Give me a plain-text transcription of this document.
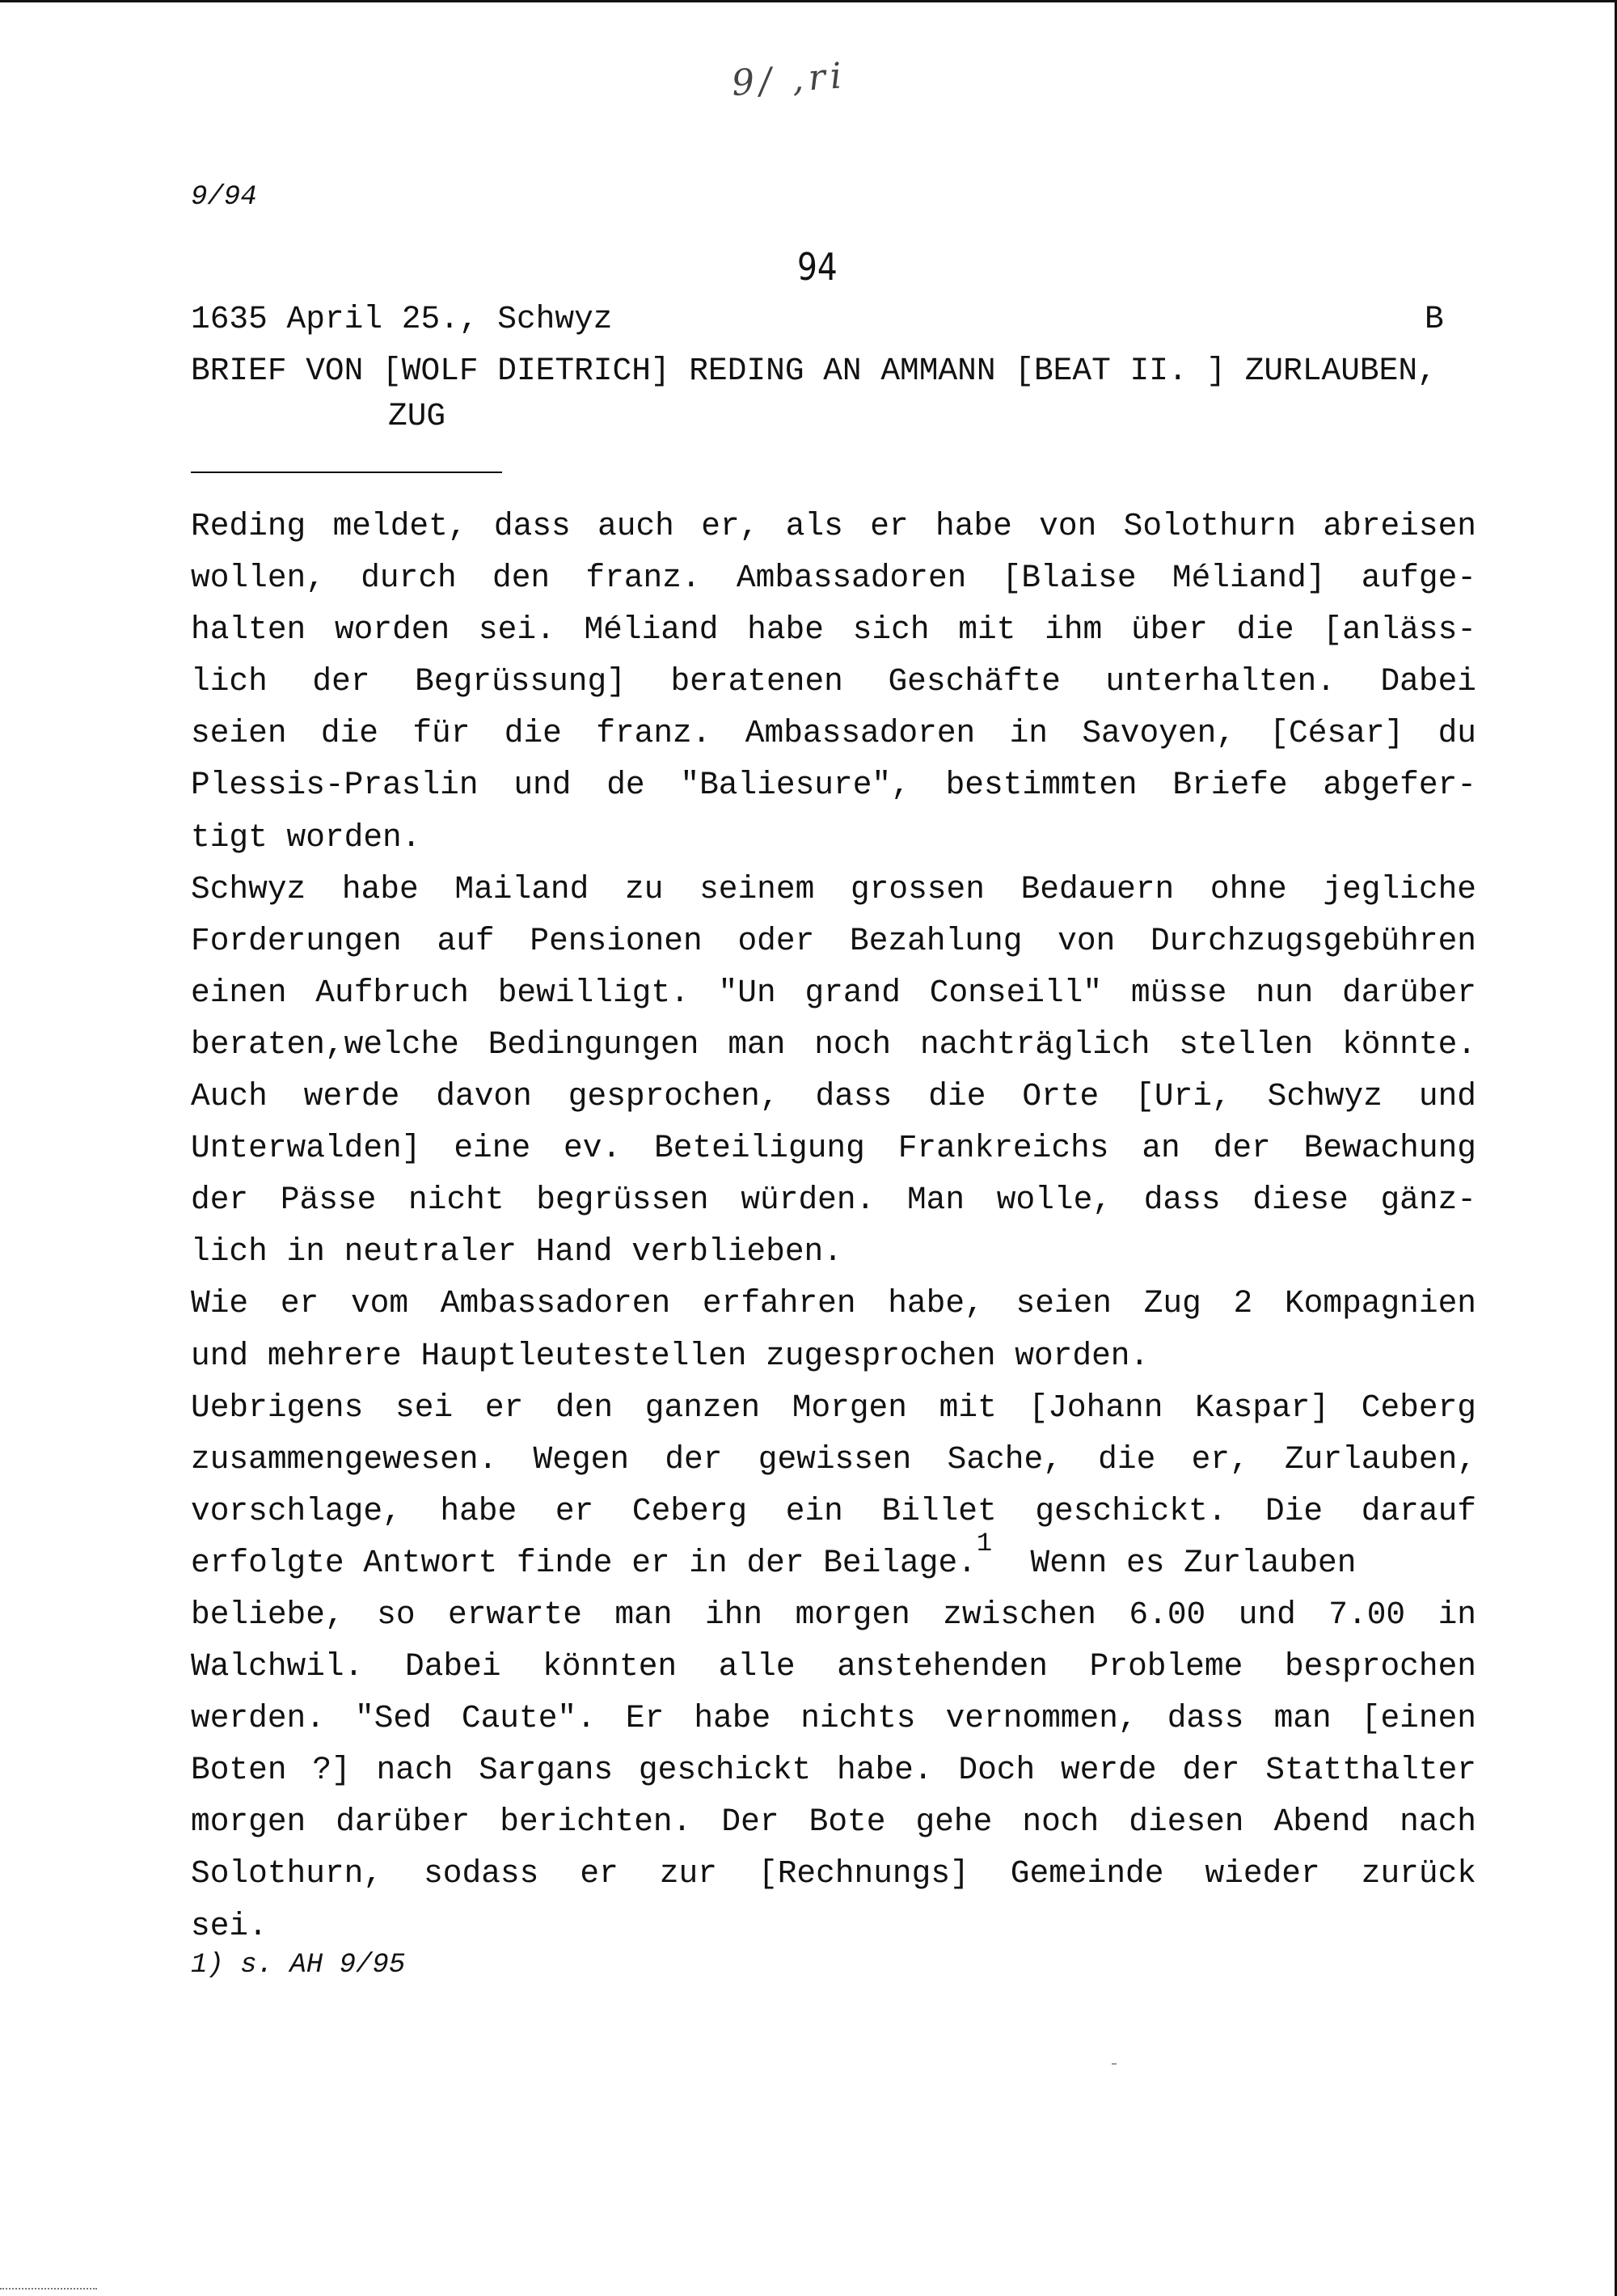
9/ ,ri
9/94
94
1635 April 25., Schwyz	B
BRIEF VON [WOLF DIETRICH] REDING AN AMMANN [BEAT II. ] ZURLAUBEN,
ZUG
Reding meldet, dass auch er, als er habe von Solothurn abreisen
wollen, durch den franz. Ambassadoren [Blaise Méliand] aufge-
halten worden sei. Méliand habe sich mit ihm über die [anläss-
lich der Begrüssung] beratenen Geschäfte unterhalten. Dabei
seien die für die franz. Ambassadoren in Savoyen, [César] du
Plessis-Praslin und de "Baliesure", bestimmten Briefe abgefer-
tigt worden.
Schwyz habe Mailand zu seinem grossen Bedauern ohne jegliche
Forderungen auf Pensionen oder Bezahlung von Durchzugsgebühren
einen Aufbruch bewilligt. "Un grand Conseill" müsse nun darüber
beraten,welche Bedingungen man noch nachträglich stellen könnte.
Auch werde davon gesprochen, dass die Orte [Uri, Schwyz und
Unterwalden] eine ev. Beteiligung Frankreichs an der Bewachung
der Pässe nicht begrüssen würden. Man wolle, dass diese gänz-
lich in neutraler Hand verblieben.
Wie er vom Ambassadoren erfahren habe, seien Zug 2 Kompagnien
und mehrere Hauptleutestellen zugesprochen worden.
Uebrigens sei er den ganzen Morgen mit [Johann Kaspar] Ceberg
zusammengewesen. Wegen der gewissen Sache, die er, Zurlauben,
vorschlage, habe er Ceberg ein Billet geschickt. Die darauf
erfolgte Antwort finde er in der Beilage.$^1$  Wenn es Zurlauben
beliebe, so erwarte man ihn morgen zwischen 6.00 und 7.00 in
Walchwil. Dabei könnten alle anstehenden Probleme besprochen
werden. "Sed Caute". Er habe nichts vernommen, dass man [einen
Boten ?] nach Sargans geschickt habe. Doch werde der Statthalter
morgen darüber berichten. Der Bote gehe noch diesen Abend nach
Solothurn, sodass er zur [Rechnungs] Gemeinde wieder zurück
sei.
1) s. AH 9/95
